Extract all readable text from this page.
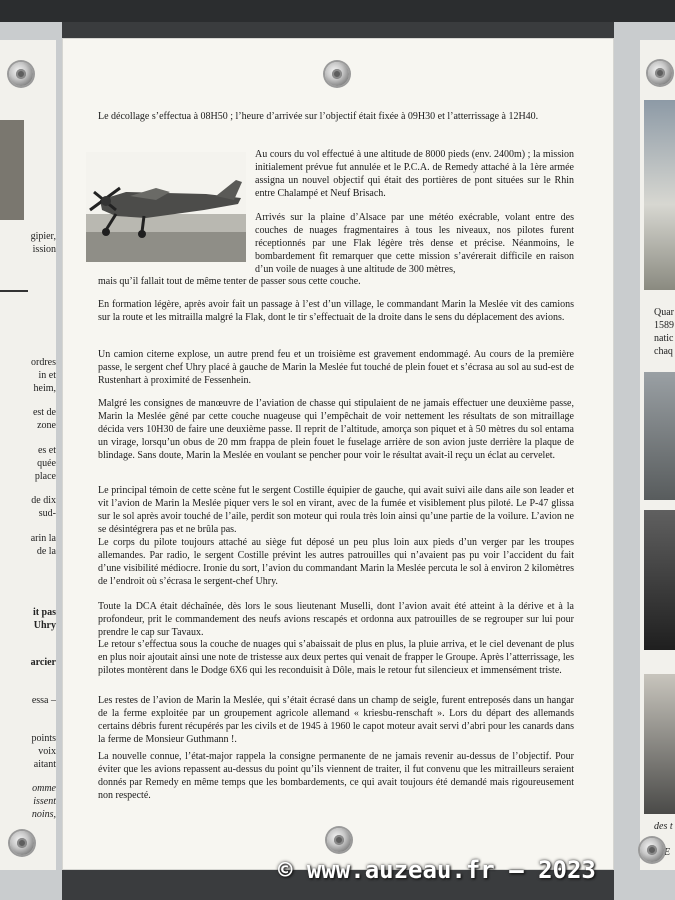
gipier,
ission
ordres
in et
heim,
est de
zone
es et
quée
place
de dix
sud-
arin la
de la
it pas
Uhry
arcier
essa –
points
voix
aitant
omme
issent
noins,
Quar
1589
natic
chaq
des t
E

Le décollage s’effectua à 08H50 ; l’heure d’arrivée sur l’objectif était fixée à 09H30 et l’atterrissage à 12H40.

Au cours du vol effectué à une altitude de 8000 pieds (env. 2400m) ; la mission initialement prévue fut annulée et le P.C.A. de Remedy attaché à la 1ère armée assigna un nouvel objectif qui était des portières de pont situées sur le Rhin entre Chalampé et Neuf Brisach.

Arrivés sur la plaine d’Alsace par une météo exécrable, volant entre des couches de nuages fragmentaires à tous les niveaux, nos pilotes furent réceptionnés par une Flak légère très dense et précise. Néanmoins, le bombardement fit remarquer que cette mission s’avérerait difficile en raison d’un voile de nuages à une altitude de 300 mètres,

mais qu’il fallait tout de même tenter de passer sous cette couche.

En formation légère, après avoir fait un passage à l’est d’un village, le commandant Marin la Meslée vit des camions sur la route et les mitrailla malgré la Flak, dont le tir s’effectuait de la droite dans le sens du déplacement des avions.

Un camion citerne explose, un autre prend feu et un troisième est gravement endommagé. Au cours de la première passe, le sergent chef Uhry placé à gauche de Marin la Meslée fut touché de plein fouet et s’écrasa au sol au sud-est de Rustenhart à proximité de Fessenhein.

Malgré les consignes de manœuvre de l’aviation de chasse qui stipulaient de ne jamais effectuer une deuxième passe, Marin la Meslée gêné par cette couche nuageuse qui l’empêchait de voir nettement les résultats de son mitraillage décida vers 10H30 de faire une deuxième passe. Il reprit de l’altitude, amorça son piquet et à 50 mètres du sol entama un virage, lorsqu’un obus de 20 mm frappa de plein fouet le fuselage arrière de son avion juste derrière la plaque de blindage. Sans doute, Marin la Meslée en voulant se pencher pour voir le résultat avait-il reçu un éclat au cervelet.

Le principal témoin de cette scène fut le sergent Costille équipier de gauche, qui avait suivi aile dans aile son leader et vit l’avion de Marin la Meslée piquer vers le sol en virant, avec de la fumée et visiblement plus piloté. Le P-47 glissa sur le sol après avoir touché de l’aile, perdit son moteur qui roula très loin ainsi qu’une partie de la voilure. L’avion ne se désintégrera pas et ne brûla pas.

Le corps du pilote toujours attaché au siège fut déposé un peu plus loin aux pieds d’un verger par les troupes allemandes. Par radio, le sergent Costille prévint les autres patrouilles qui n’avaient pas pu voir l’accident du fait d’une visibilité médiocre. Ironie du sort, l’avion du commandant Marin la Meslée percuta le sol à environ 2 kilomètres de l’endroit où s’écrasa le sergent-chef Uhry.

Toute la DCA était déchaînée, dès lors le sous lieutenant Muselli, dont l’avion avait été atteint à la dérive et à la profondeur, prit le commandement des neufs avions rescapés et ordonna aux patrouilles de se regrouper sur lui pour prendre le cap sur Tavaux.

Le retour s’effectua sous la couche de nuages qui s’abaissait de plus en plus, la pluie arriva, et le ciel devenant de plus en plus noir ajoutait ainsi une note de tristesse aux deux pertes qui venait de frapper le Groupe. Après l’atterrissage, les pilotes montèrent dans le Dodge 6X6 qui les reconduisit à Dôle, mais le retour fut silencieux et immensément triste.

Les restes de l’avion de Marin la Meslée, qui s’était écrasé dans un champ de seigle, furent entreposés dans un hangar de la ferme exploitée par un groupement agricole allemand « kriesbu-renschaft ». Lors du départ des allemands certains débris furent récupérés par les civils et de 1945 à 1960 le capot moteur avait servi d’abri pour les canards dans la ferme de Monsieur Guthmann !.

La nouvelle connue, l’état-major rappela la consigne permanente de ne jamais revenir au-dessus de l’objectif. Pour éviter que les avions repassent au-dessus du point qu’ils viennent de traiter, il fut convenu que les mitrailleurs seraient donnés par Remedy en même temps que les bombardements, ce qui avait toujours été demandé mais rigoureusement non respecté.

© www.auzeau.fr – 2023
